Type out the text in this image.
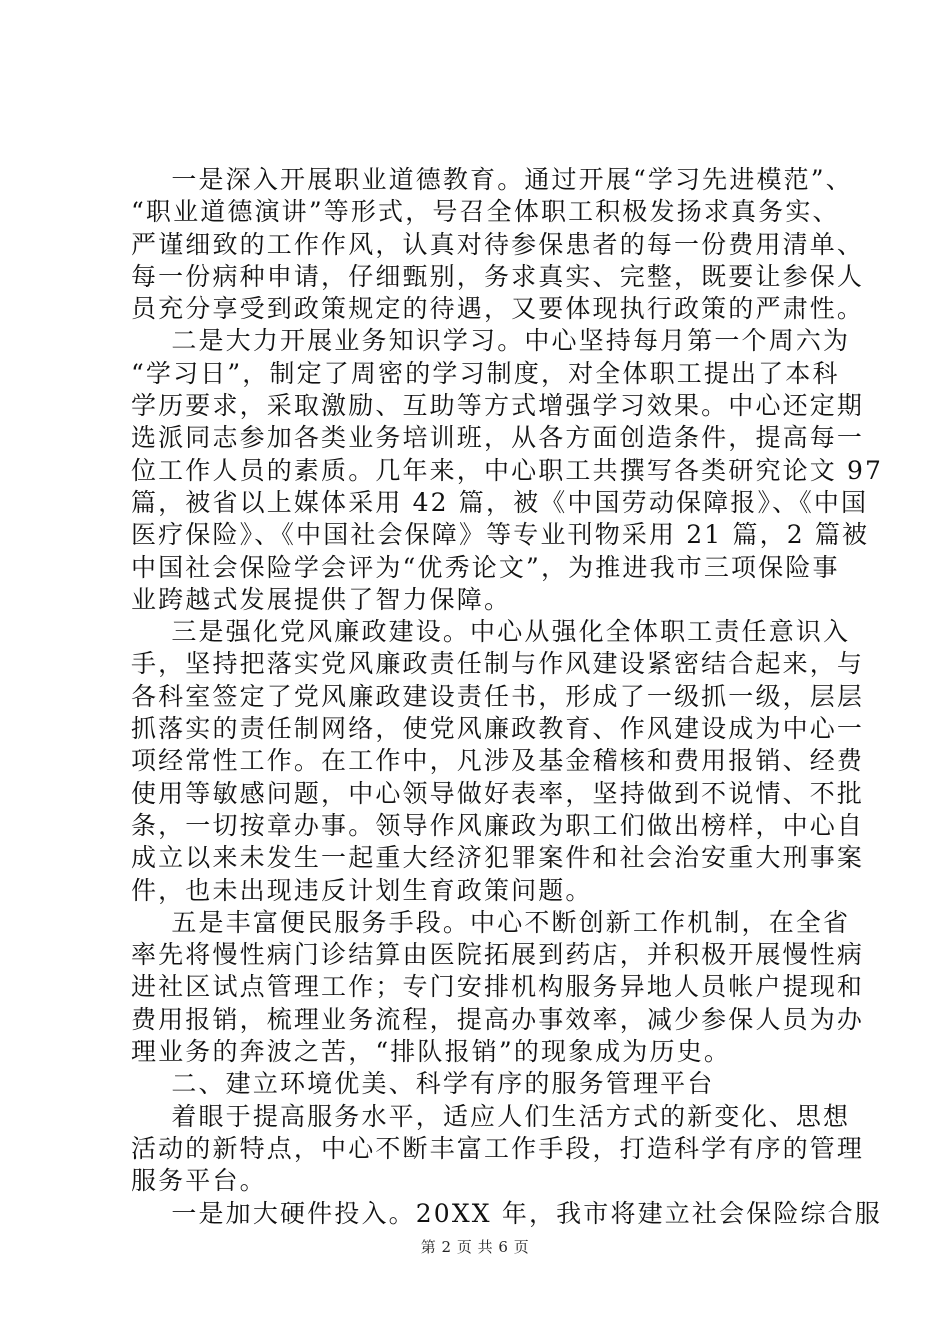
一是深入开展职业道德教育。通过开展“学习先进模范”、
“职业道德演讲”等形式，号召全体职工积极发扬求真务实、
严谨细致的工作作风，认真对待参保患者的每一份费用清单、
每一份病种申请，仔细甄别，务求真实、完整，既要让参保人
员充分享受到政策规定的待遇，又要体现执行政策的严肃性。
二是大力开展业务知识学习。中心坚持每月第一个周六为
“学习日”，制定了周密的学习制度，对全体职工提出了本科
学历要求，采取激励、互助等方式增强学习效果。中心还定期
选派同志参加各类业务培训班，从各方面创造条件，提高每一
位工作人员的素质。几年来，中心职工共撰写各类研究论文 97
篇，被省以上媒体采用 42 篇，被《中国劳动保障报》、《中国
医疗保险》、《中国社会保障》等专业刊物采用 21 篇，2 篇被
中国社会保险学会评为“优秀论文”，为推进我市三项保险事
业跨越式发展提供了智力保障。
三是强化党风廉政建设。中心从强化全体职工责任意识入
手，坚持把落实党风廉政责任制与作风建设紧密结合起来，与
各科室签定了党风廉政建设责任书，形成了一级抓一级，层层
抓落实的责任制网络，使党风廉政教育、作风建设成为中心一
项经常性工作。在工作中，凡涉及基金稽核和费用报销、经费
使用等敏感问题，中心领导做好表率，坚持做到不说情、不批
条，一切按章办事。领导作风廉政为职工们做出榜样，中心自
成立以来未发生一起重大经济犯罪案件和社会治安重大刑事案
件，也未出现违反计划生育政策问题。
五是丰富便民服务手段。中心不断创新工作机制，在全省
率先将慢性病门诊结算由医院拓展到药店，并积极开展慢性病
进社区试点管理工作；专门安排机构服务异地人员帐户提现和
费用报销，梳理业务流程，提高办事效率，减少参保人员为办
理业务的奔波之苦，“排队报销”的现象成为历史。
二、建立环境优美、科学有序的服务管理平台
着眼于提高服务水平，适应人们生活方式的新变化、思想
活动的新特点，中心不断丰富工作手段，打造科学有序的管理
服务平台。
一是加大硬件投入。20XX 年，我市将建立社会保险综合服
第 2 页 共 6 页
